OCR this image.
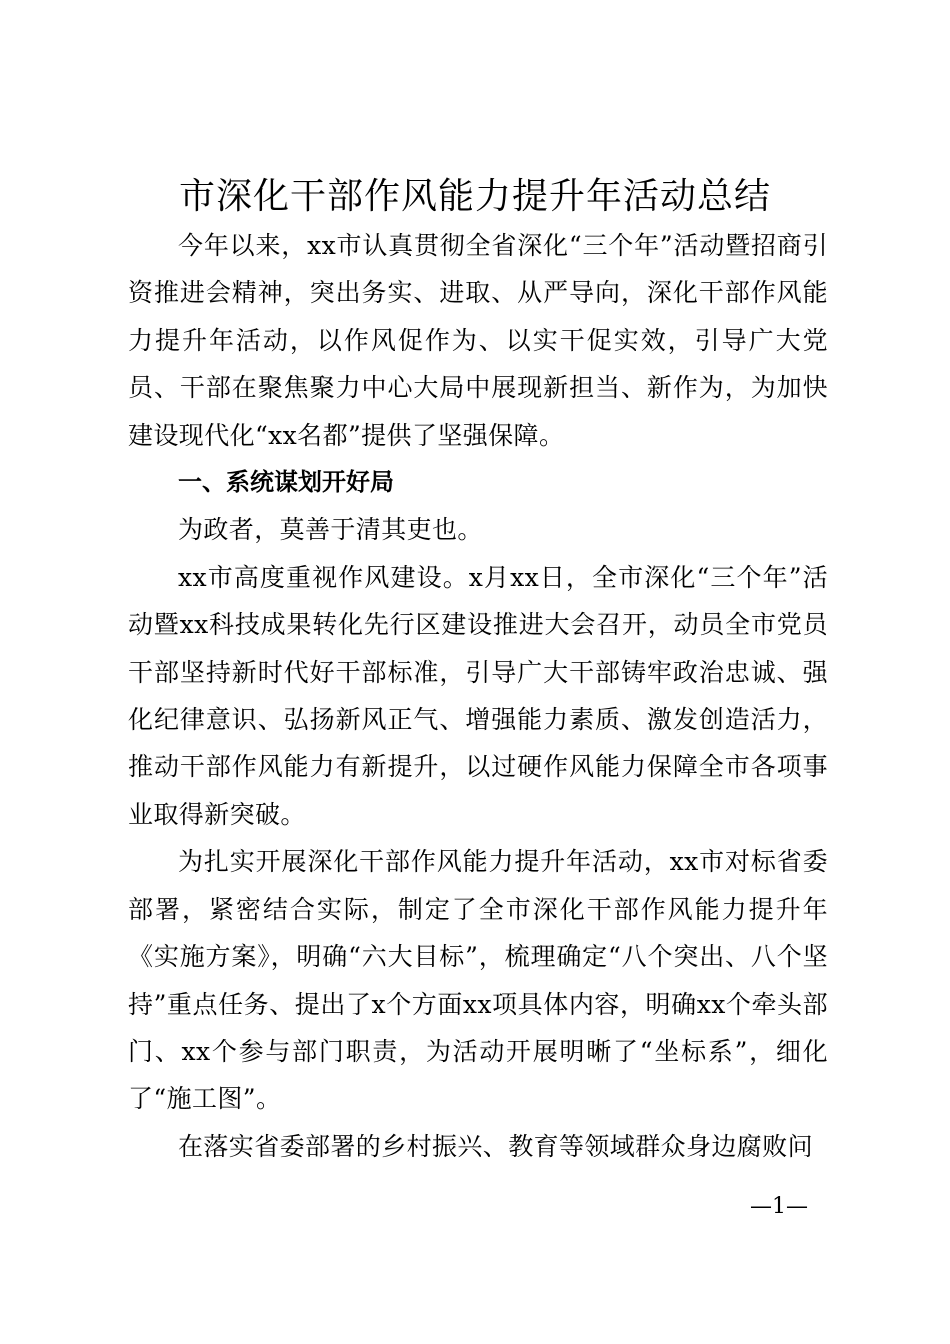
市深化干部作风能力提升年活动总结

今年以来，xx市认真贯彻全省深化“三个年”活动暨招商引资推进会精神，突出务实、进取、从严导向，深化干部作风能力提升年活动，以作风促作为、以实干促实效，引导广大党员、干部在聚焦聚力中心大局中展现新担当、新作为，为加快建设现代化“xx名都”提供了坚强保障。

一、系统谋划开好局

为政者，莫善于清其吏也。

xx市高度重视作风建设。x月xx日，全市深化“三个年”活动暨xx科技成果转化先行区建设推进大会召开，动员全市党员干部坚持新时代好干部标准，引导广大干部铸牢政治忠诚、强化纪律意识、弘扬新风正气、增强能力素质、激发创造活力，推动干部作风能力有新提升，以过硬作风能力保障全市各项事业取得新突破。

为扎实开展深化干部作风能力提升年活动，xx市对标省委部署，紧密结合实际，制定了全市深化干部作风能力提升年《实施方案》，明确“六大目标”，梳理确定“八个突出、八个坚持”重点任务、提出了x个方面xx项具体内容，明确xx个牵头部门、xx个参与部门职责，为活动开展明晰了“坐标系”，细化了“施工图”。

在落实省委部署的乡村振兴、教育等领域群众身边腐败问

—1—
